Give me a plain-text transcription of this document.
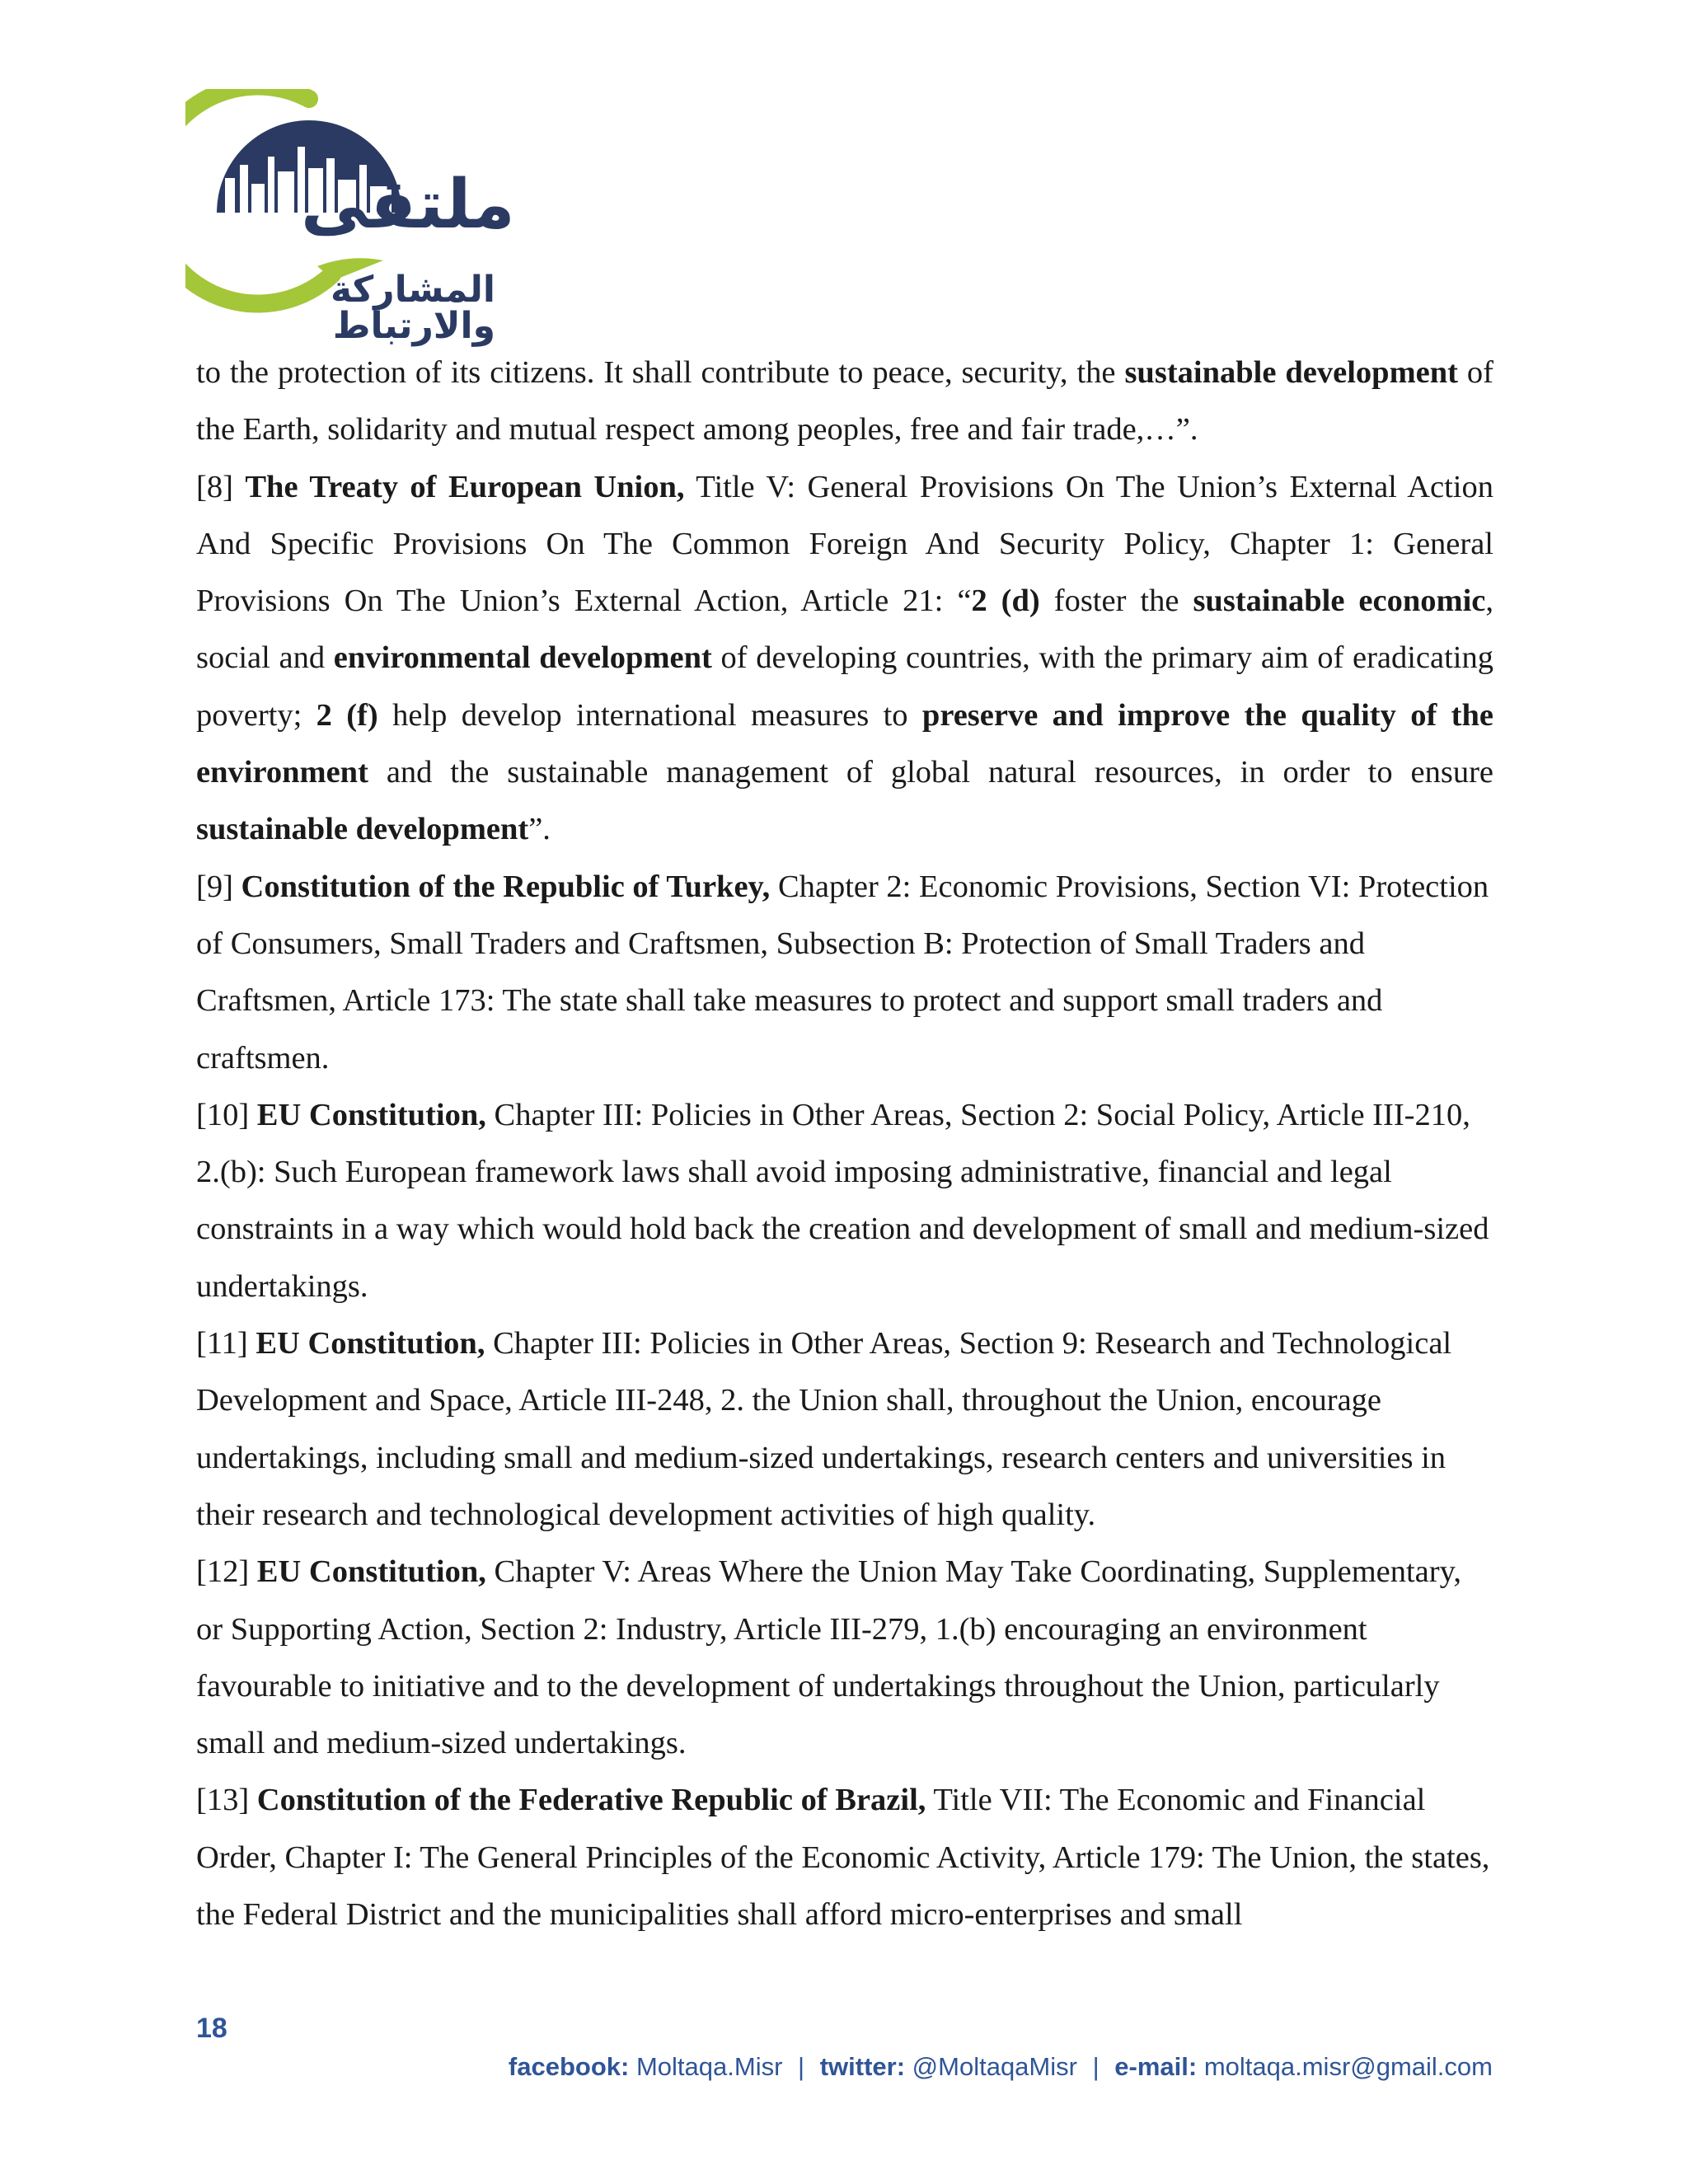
ملتقى
المشاركة والارتباط

to the protection of its citizens. It shall contribute to peace, security, the sustainable development of the Earth, solidarity and mutual respect among peoples, free and fair trade,…”.

[8] The Treaty of European Union, Title V: General Provisions On The Union’s External Action And Specific Provisions On The Common Foreign And Security Policy, Chapter 1: General Provisions On The Union’s External Action, Article 21: “2 (d) foster the sustainable economic, social and environmental development of developing countries, with the primary aim of eradicating poverty; 2 (f) help develop international measures to preserve and improve the quality of the environment and the sustainable management of global natural resources, in order to ensure sustainable development”.

[9] Constitution of the Republic of Turkey, Chapter 2: Economic Provisions, Section VI: Protection of Consumers, Small Traders and Craftsmen, Subsection B: Protection of Small Traders and Craftsmen, Article 173: The state shall take measures to protect and support small traders and craftsmen.

[10] EU Constitution, Chapter III: Policies in Other Areas, Section 2: Social Policy, Article III-210, 2.(b): Such European framework laws shall avoid imposing administrative, financial and legal constraints in a way which would hold back the creation and development of small and medium-sized undertakings.

[11] EU Constitution, Chapter III: Policies in Other Areas, Section 9: Research and Technological Development and Space, Article III-248, 2. the Union shall, throughout the Union, encourage undertakings, including small and medium-sized undertakings, research centers and universities in their research and technological development activities of high quality.

[12] EU Constitution, Chapter V: Areas Where the Union May Take Coordinating, Supplementary, or Supporting Action, Section 2: Industry, Article III-279, 1.(b) encouraging an environment favourable to initiative and to the development of undertakings throughout the Union, particularly small and medium-sized undertakings.

[13] Constitution of the Federative Republic of Brazil, Title VII: The Economic and Financial Order, Chapter I: The General Principles of the Economic Activity, Article 179: The Union, the states, the Federal District and the municipalities shall afford micro-enterprises and small

18
facebook: Moltaqa.Misr | twitter: @MoltaqaMisr | e-mail: moltaqa.misr@gmail.com
